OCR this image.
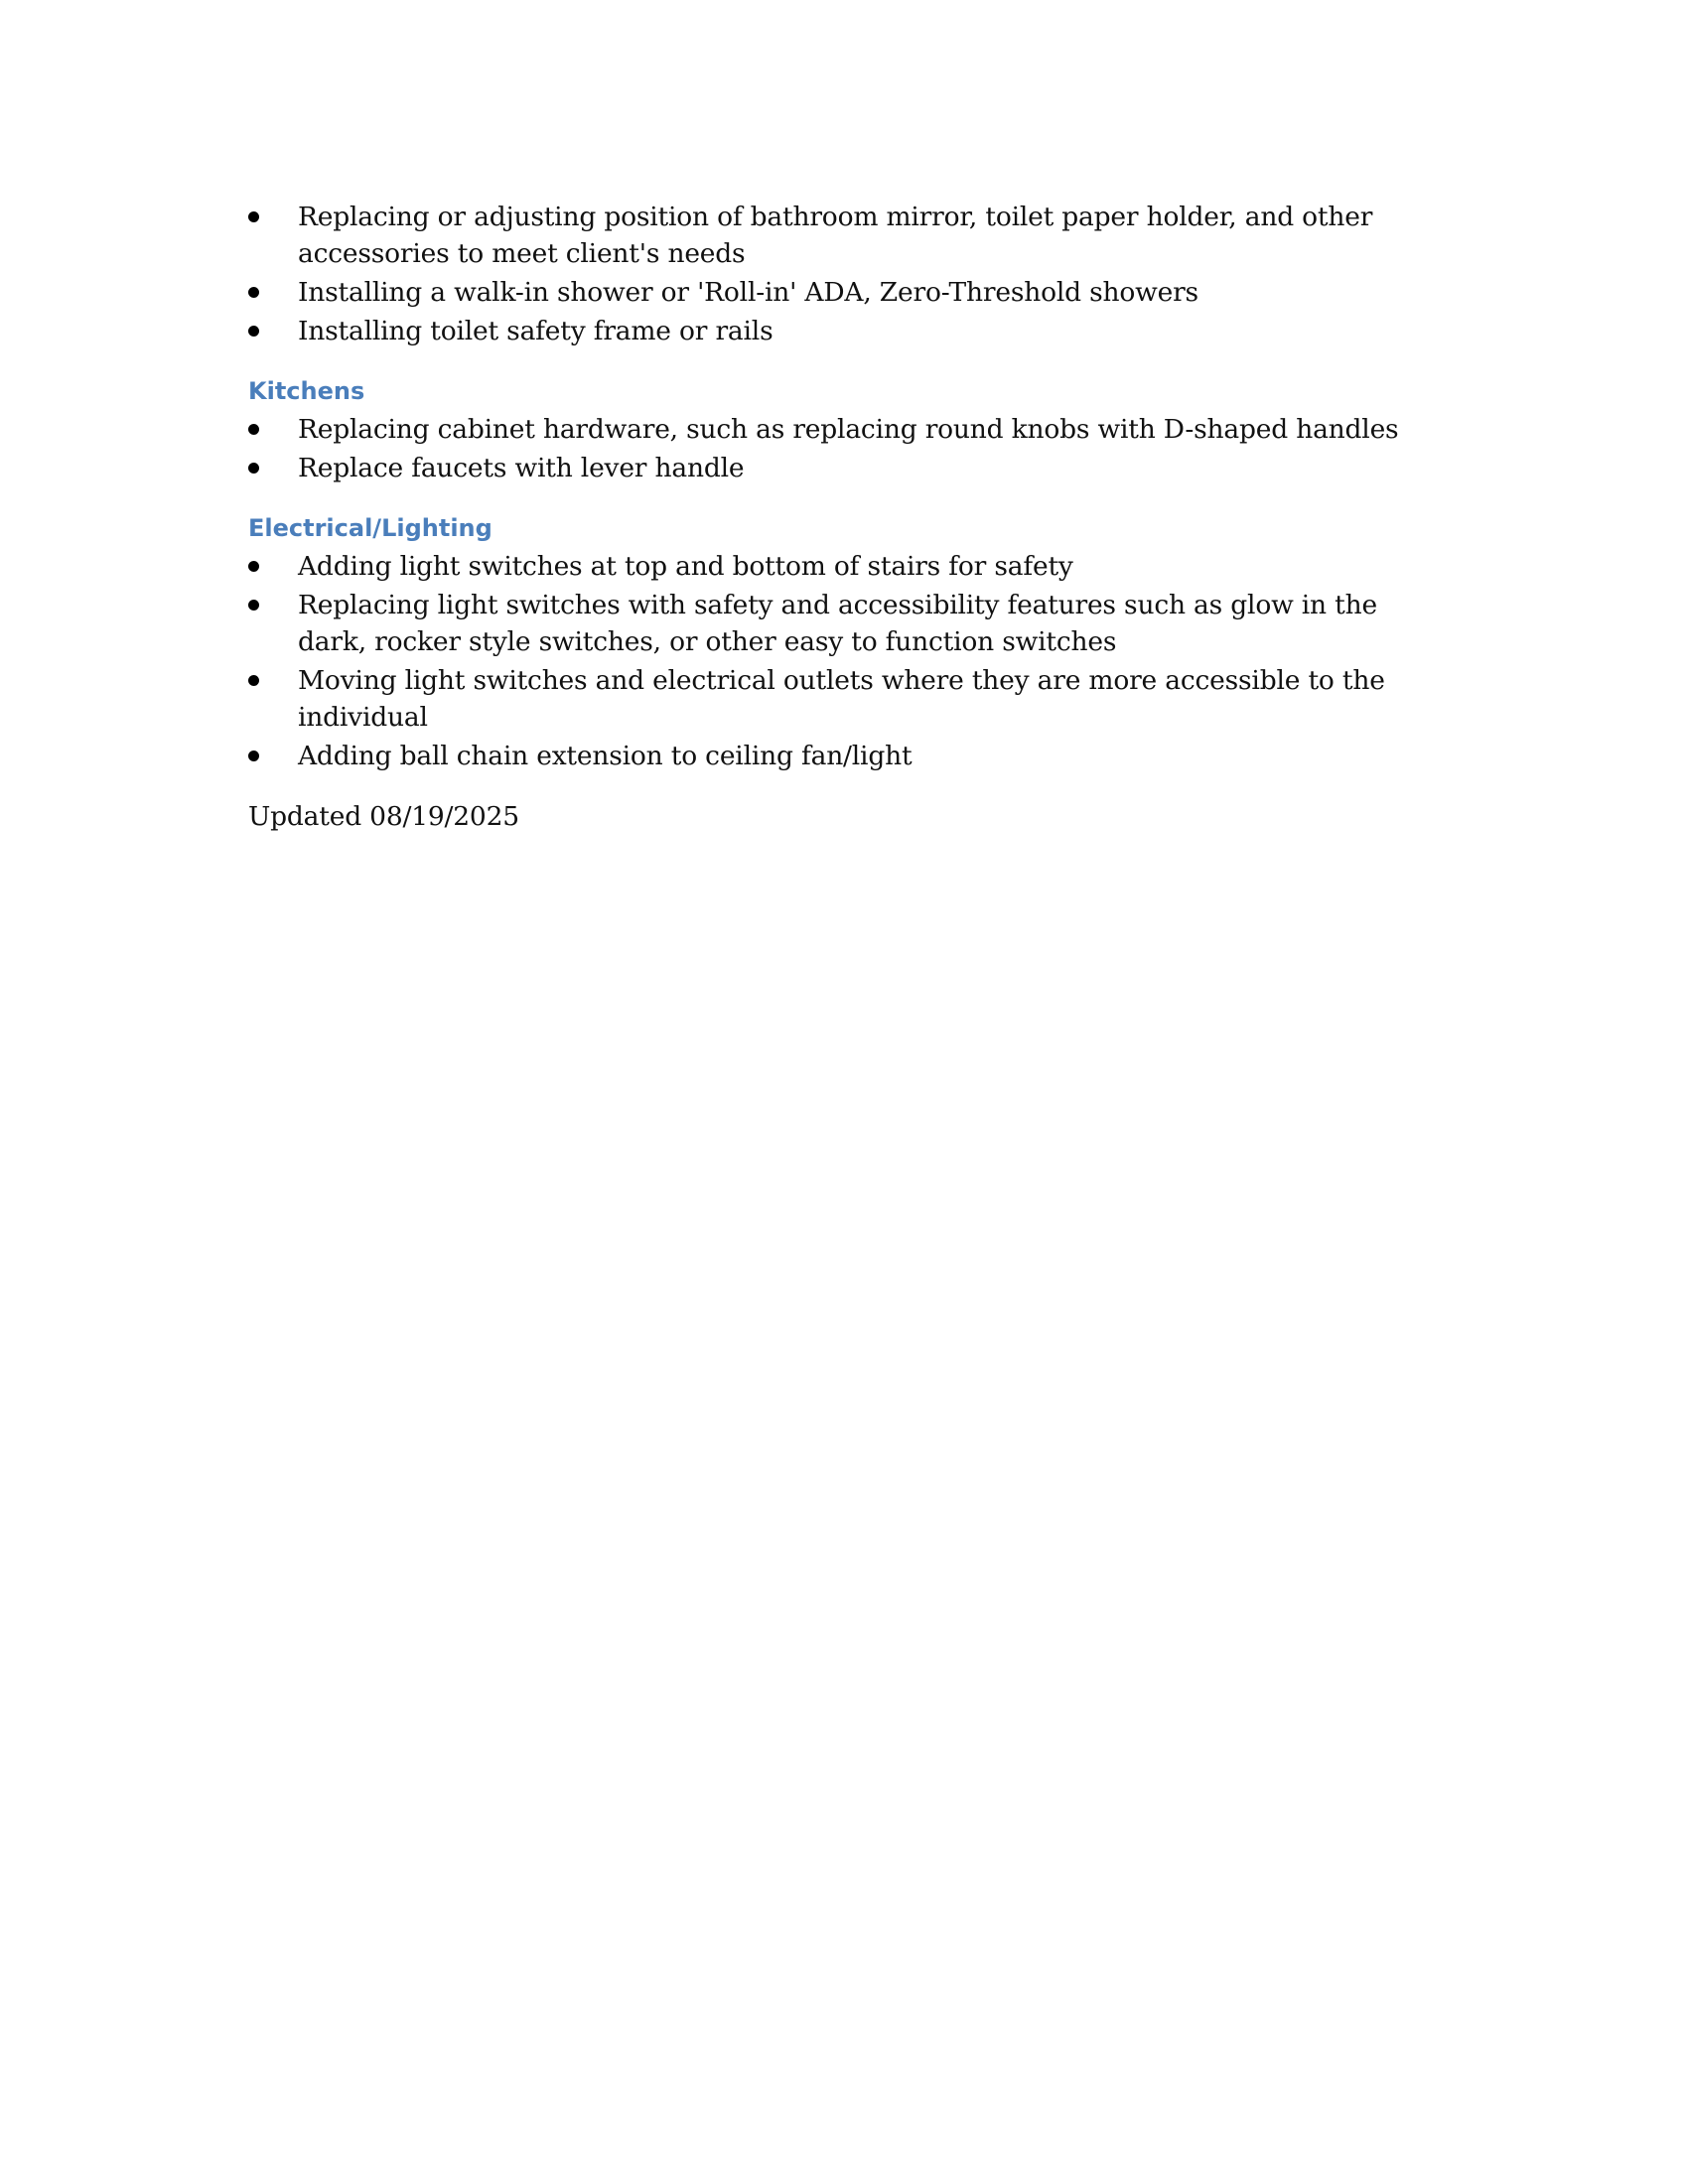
Replacing or adjusting position of bathroom mirror, toilet paper holder, and other accessories to meet client's needs
Installing a walk-in shower or 'Roll-in' ADA, Zero-Threshold showers
Installing toilet safety frame or rails
Kitchens
Replacing cabinet hardware, such as replacing round knobs with D-shaped handles
Replace faucets with lever handle
Electrical/Lighting
Adding light switches at top and bottom of stairs for safety
Replacing light switches with safety and accessibility features such as glow in the dark, rocker style switches, or other easy to function switches
Moving light switches and electrical outlets where they are more accessible to the individual
Adding ball chain extension to ceiling fan/light
Updated 08/19/2025
